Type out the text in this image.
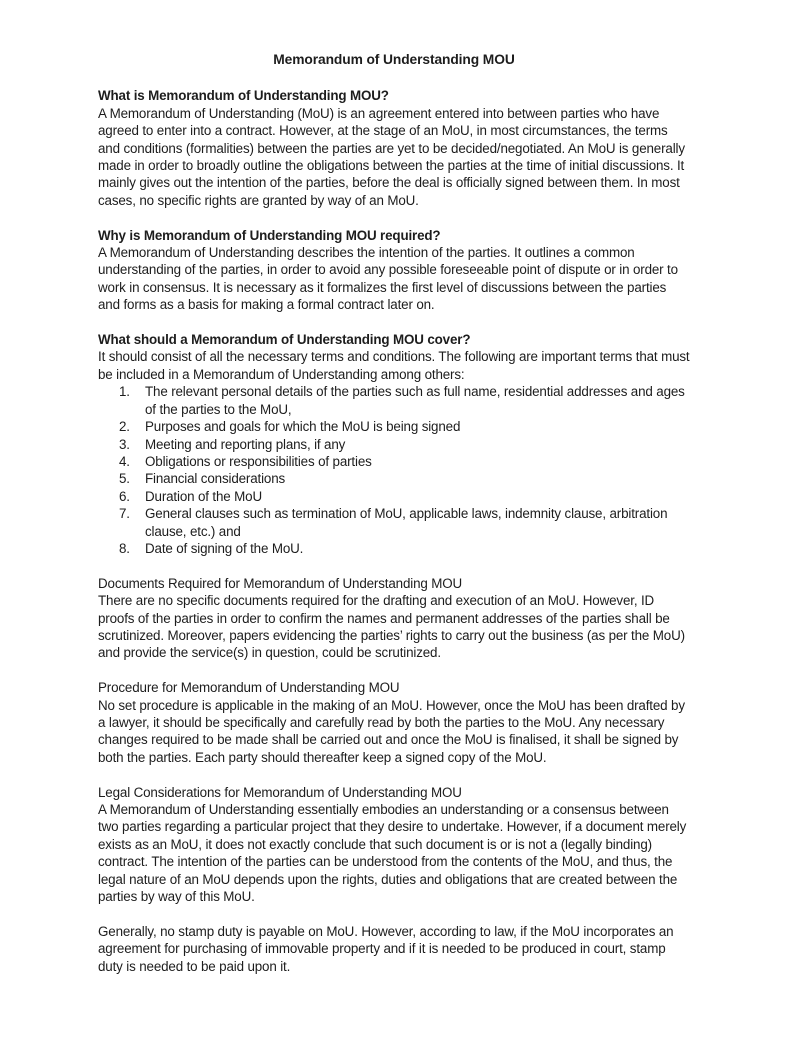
Memorandum of Understanding MOU
What is Memorandum of Understanding MOU?

A Memorandum of Understanding (MoU) is an agreement entered into between parties who have agreed to enter into a contract. However, at the stage of an MoU, in most circumstances, the terms and conditions (formalities) between the parties are yet to be decided/negotiated. An MoU is generally made in order to broadly outline the obligations between the parties at the time of initial discussions. It mainly gives out the intention of the parties, before the deal is officially signed between them. In most cases, no specific rights are granted by way of an MoU.

Why is Memorandum of Understanding MOU required?

A Memorandum of Understanding describes the intention of the parties. It outlines a common understanding of the parties, in order to avoid any possible foreseeable point of dispute or in order to work in consensus. It is necessary as it formalizes the first level of discussions between the parties and forms as a basis for making a formal contract later on.

What should a Memorandum of Understanding MOU cover?

It should consist of all the necessary terms and conditions. The following are important terms that must be included in a Memorandum of Understanding among others:

1.	The relevant personal details of the parties such as full name, residential addresses and ages of the parties to the MoU,
2.	Purposes and goals for which the MoU is being signed
3.	Meeting and reporting plans, if any
4.	Obligations or responsibilities of parties
5.	Financial considerations
6.	Duration of the MoU
7.	General clauses such as termination of MoU, applicable laws, indemnity clause, arbitration clause, etc.) and
8.	Date of signing of the MoU.
Documents Required for Memorandum of Understanding MOU

There are no specific documents required for the drafting and execution of an MoU. However, ID proofs of the parties in order to confirm the names and permanent addresses of the parties shall be scrutinized. Moreover, papers evidencing the parties’ rights to carry out the business (as per the MoU) and provide the service(s) in question, could be scrutinized.

Procedure for Memorandum of Understanding MOU

No set procedure is applicable in the making of an MoU. However, once the MoU has been drafted by a lawyer, it should be specifically and carefully read by both the parties to the MoU. Any necessary changes required to be made shall be carried out and once the MoU is finalised, it shall be signed by both the parties. Each party should thereafter keep a signed copy of the MoU.

Legal Considerations for Memorandum of Understanding MOU

A Memorandum of Understanding essentially embodies an understanding or a consensus between two parties regarding a particular project that they desire to undertake. However, if a document merely exists as an MoU, it does not exactly conclude that such document is or is not a (legally binding) contract. The intention of the parties can be understood from the contents of the MoU, and thus, the legal nature of an MoU depends upon the rights, duties and obligations that are created between the parties by way of this MoU.

Generally, no stamp duty is payable on MoU. However, according to law, if the MoU incorporates an agreement for purchasing of immovable property and if it is needed to be produced in court, stamp duty is needed to be paid upon it.
